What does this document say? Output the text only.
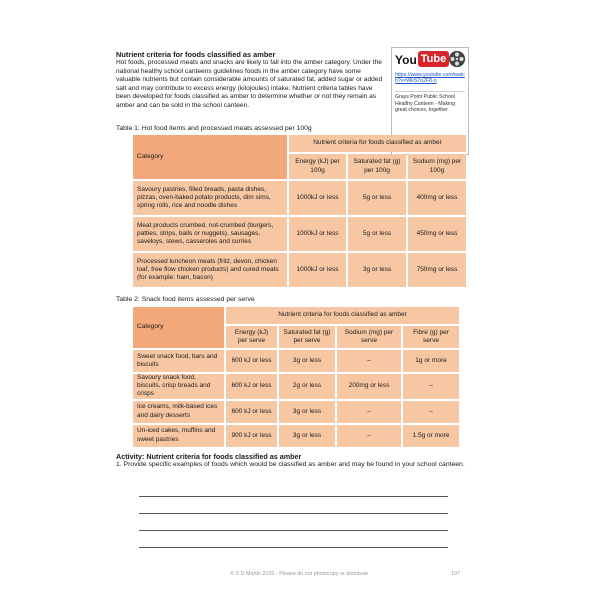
Nutrient criteria for foods classified as amber
Hot foods, processed meats and snacks are likely to fall into the amber category. Under the national healthy school canteens guidelines foods in the amber category have some valuable nutrients but contain considerable amounts of saturated fat, added sugar or added salt and may contribute to excess energy (kilojoules) intake. Nutrient criteria tables have been developed for foods classified as amber to determine whether or not they remain as amber and can be sold in the school canteen.
You Tube
https://www.youtube.com/watch?v=WkS7o2F8-o
Grays Point Public School Healthy Canteen - Making great choices, together
Table 1: Hot food items and processed meats assessed per 100g
Category	Nutrient criteria for foods classified as amber		
	Energy (kJ) per 100g	Saturated fat (g) per 100g	Sodium (mg) per 100g
Savoury pastries, filled breads, pasta dishes, pizzas, oven-baked potato products, dim sims, spring rolls, rice and noodle dishes	1000kJ or less	5g or less	400mg or less
Meat products crumbed, not-crumbed (burgers, patties, strips, balls or nuggets), sausages, saveloys, stews, casseroles and curries	1000kJ or less	5g or less	450mg or less
Processed luncheon meats (fritz, devon, chicken loaf, free flow chicken products) and cured meats (for example: ham, bacon)	1000kJ or less	3g or less	750mg or less
Table 2: Snack food items assessed per serve
Category	Nutrient criteria for foods classified as amber			
	Energy (kJ) per serve	Saturated fat (g) per serve	Sodium (mg) per serve	Fibre (g) per serve
Sweet snack food, bars and biscuits	600 kJ or less	3g or less	–	1g or more
Savoury snack food, biscuits, crisp breads and crisps	600 kJ or less	2g or less	200mg or less	–
Ice creams, milk-based ices and dairy desserts	600 kJ or less	3g or less	–	–
Un-iced cakes, muffins and sweet pastries	900 kJ or less	3g or less	–	1.5g or more
Activity: Nutrient criteria for foods classified as amber
1. Provide specific examples of foods which would be classified as amber and may be found in your school canteen.
© S D Martin 2026 - Please do not photocopy or distribute	197
